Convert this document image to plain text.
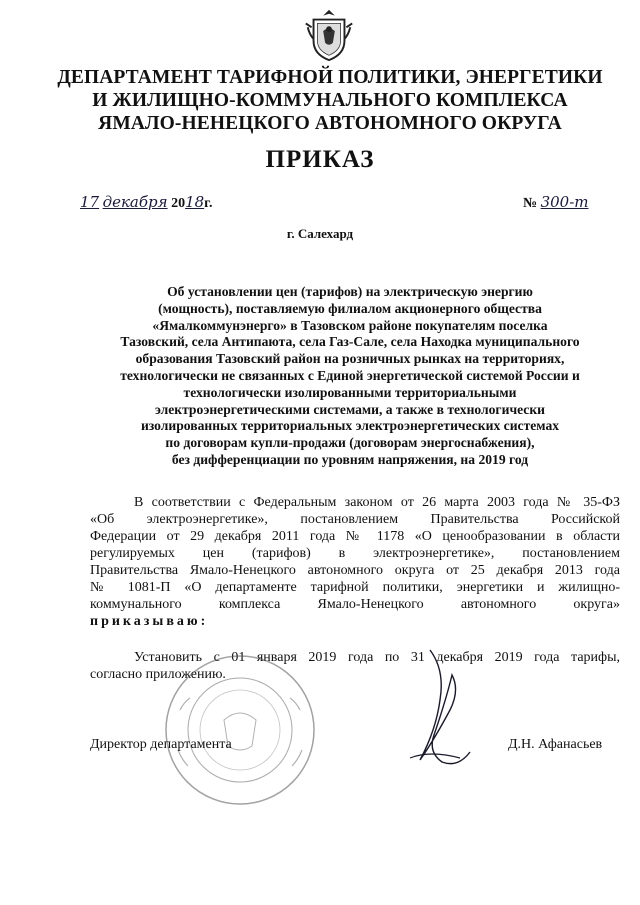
ДЕПАРТАМЕНТ ТАРИФНОЙ ПОЛИТИКИ, ЭНЕРГЕТИКИ
И ЖИЛИЩНО-КОММУНАЛЬНОГО КОМПЛЕКСА
ЯМАЛО-НЕНЕЦКОГО АВТОНОМНОГО ОКРУГА
ПРИКАЗ
17 декабря 2018г.	№ 300-т
г. Салехард
Об установлении цен (тарифов) на электрическую энергию
(мощность), поставляемую филиалом акционерного общества
«Ямалкоммунэнерго» в Тазовском районе покупателям поселка
Тазовский, села Антипаюта, села Газ-Сале, села Находка муниципального
образования Тазовский район на розничных рынках на территориях,
технологически не связанных с Единой энергетической системой России и
технологически изолированными территориальными
электроэнергетическими системами, а также в технологически
изолированных территориальных электроэнергетических системах
по договорам купли-продажи (договорам энергоснабжения),
без дифференциации по уровням напряжения, на 2019 год
В соответствии с Федеральным законом от 26 марта 2003 года № 35-ФЗ
«Об электроэнергетике», постановлением Правительства Российской
Федерации от 29 декабря 2011 года № 1178 «О ценообразовании в области
регулируемых цен (тарифов) в электроэнергетике», постановлением
Правительства Ямало-Ненецкого автономного округа от 25 декабря 2013 года
№ 1081-П «О департаменте тарифной политики, энергетики и жилищно-
коммунального комплекса Ямало-Ненецкого автономного округа»
приказываю:
Установить с 01 января 2019 года по 31 декабря 2019 года тарифы,
согласно приложению.
Директор департамента	Д.Н. Афанасьев
